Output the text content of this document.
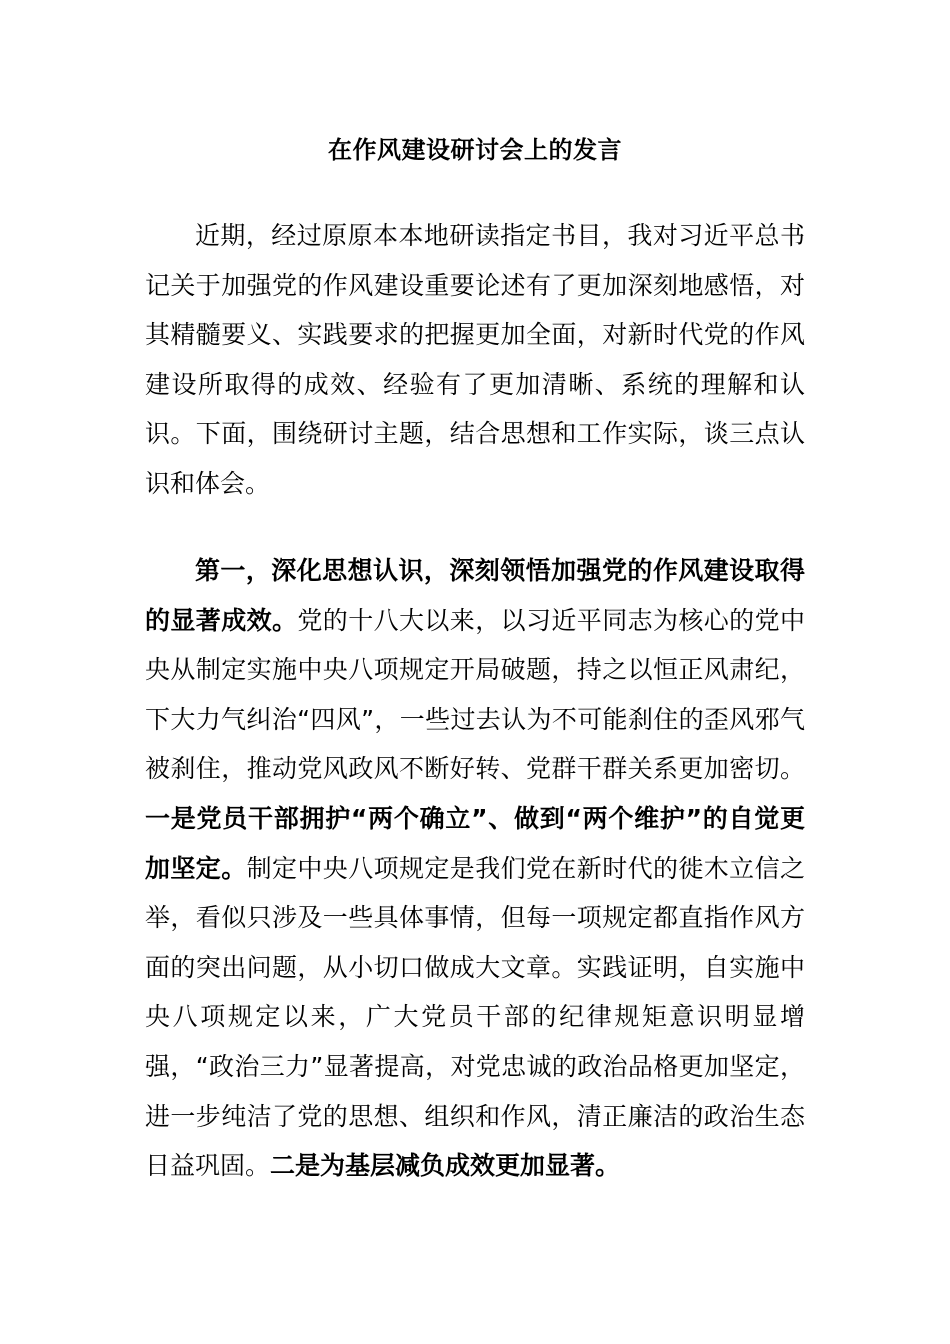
在作风建设研讨会上的发言

近期，经过原原本本地研读指定书目，我对习近平总书记关于加强党的作风建设重要论述有了更加深刻地感悟，对其精髓要义、实践要求的把握更加全面，对新时代党的作风建设所取得的成效、经验有了更加清晰、系统的理解和认识。下面，围绕研讨主题，结合思想和工作实际，谈三点认识和体会。

第一，深化思想认识，深刻领悟加强党的作风建设取得的显著成效。党的十八大以来，以习近平同志为核心的党中央从制定实施中央八项规定开局破题，持之以恒正风肃纪，下大力气纠治“四风”，一些过去认为不可能刹住的歪风邪气被刹住，推动党风政风不断好转、党群干群关系更加密切。一是党员干部拥护“两个确立”、做到“两个维护”的自觉更加坚定。制定中央八项规定是我们党在新时代的徙木立信之举，看似只涉及一些具体事情，但每一项规定都直指作风方面的突出问题，从小切口做成大文章。实践证明，自实施中央八项规定以来，广大党员干部的纪律规矩意识明显增强，“政治三力”显著提高，对党忠诚的政治品格更加坚定，进一步纯洁了党的思想、组织和作风，清正廉洁的政治生态日益巩固。二是为基层减负成效更加显著。
